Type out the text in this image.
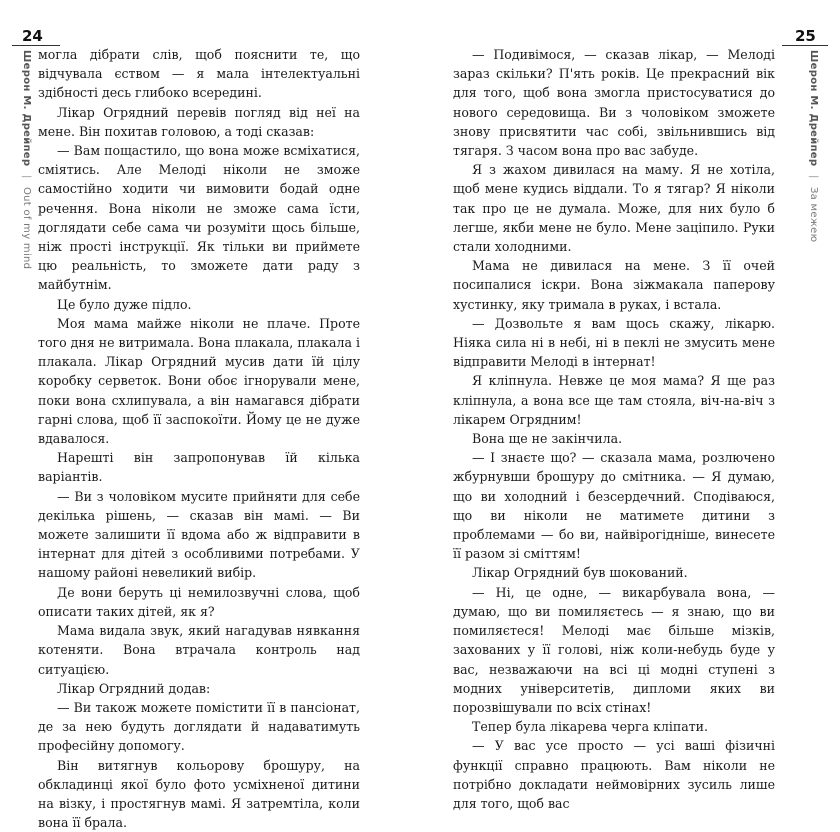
24
Шерон М. Дрейпер | Out of my mind

могла дібрати слів, щоб пояснити те, що відчувала єством — я мала інтелектуальні здібності десь глибоко всередині.

Лікар Огрядний перевів погляд від неї на мене. Він похитав головою, а тоді сказав:

— Вам пощастило, що вона може всміхатися, сміятись. Але Мелоді ніколи не зможе самостійно ходити чи вимовити бодай одне речення. Вона ніколи не зможе сама їсти, доглядати себе сама чи розуміти щось більше, ніж прості інструкції. Як тільки ви приймете цю реальність, то зможете дати раду з майбутнім.

Це було дуже підло.

Моя мама майже ніколи не плаче. Проте того дня не витримала. Вона плакала, плакала і плакала. Лікар Огрядний мусив дати їй цілу коробку серветок. Вони обоє ігнорували мене, поки вона схлипувала, а він намагався дібрати гарні слова, щоб її заспокоїти. Йому це не дуже вдавалося.

Нарешті він запропонував їй кілька варіантів.

— Ви з чоловіком мусите прийняти для себе декілька рішень, — сказав він мамі. — Ви можете залишити її вдома або ж відправити в інтернат для дітей з особливими потребами. У нашому районі невеликий вибір.

Де вони беруть ці немилозвучні слова, щоб описати таких дітей, як я?

Мама видала звук, який нагадував нявкання котеняти. Вона втрачала контроль над ситуацією.

Лікар Огрядний додав:

— Ви також можете помістити її в пансіонат, де за нею будуть доглядати й надаватимуть професійну допомогу.

Він витягнув кольорову брошуру, на обкладинці якої було фото усміхненої дитини на візку, і простягнув мамі. Я затремтіла, коли вона її брала.

25
Шерон М. Дрейпер | За межею

— Подивімося, — сказав лікар, — Мелоді зараз скільки? П'ять років. Це прекрасний вік для того, щоб вона змогла пристосуватися до нового середовища. Ви з чоловіком зможете знову присвятити час собі, звільнившись від тягаря. З часом вона про вас забуде.

Я з жахом дивилася на маму. Я не хотіла, щоб мене кудись віддали. То я тягар? Я ніколи так про це не думала. Може, для них було б легше, якби мене не було. Мене заціпило. Руки стали холодними.

Мама не дивилася на мене. З її очей посипалися іскри. Вона зіжмакала паперову хустинку, яку тримала в руках, і встала.

— Дозвольте я вам щось скажу, лікарю. Ніяка сила ні в небі, ні в пеклі не змусить мене відправити Мелоді в інтернат!

Я кліпнула. Невже це моя мама? Я ще раз кліпнула, а вона все ще там стояла, віч-на-віч з лікарем Огрядним!

Вона ще не закінчила.

— І знаєте що? — сказала мама, розлючено жбурнувши брошуру до смітника. — Я думаю, що ви холодний і безсердечний. Сподіваюся, що ви ніколи не матимете дитини з проблемами — бо ви, найвірогідніше, винесете її разом зі сміттям!

Лікар Огрядний був шокований.

— Ні, це одне, — викарбувала вона, — думаю, що ви помиляєтесь — я знаю, що ви помиляєтеся! Мелоді має більше мізків, захованих у її голові, ніж коли-небудь буде у вас, незважаючи на всі ці модні ступені з модних університетів, дипломи яких ви порозвішували по всіх стінах!

Тепер була лікарева черга кліпати.

— У вас усе просто — усі ваші фізичні функції справно працюють. Вам ніколи не потрібно докладати неймовірних зусиль лише для того, щоб вас
